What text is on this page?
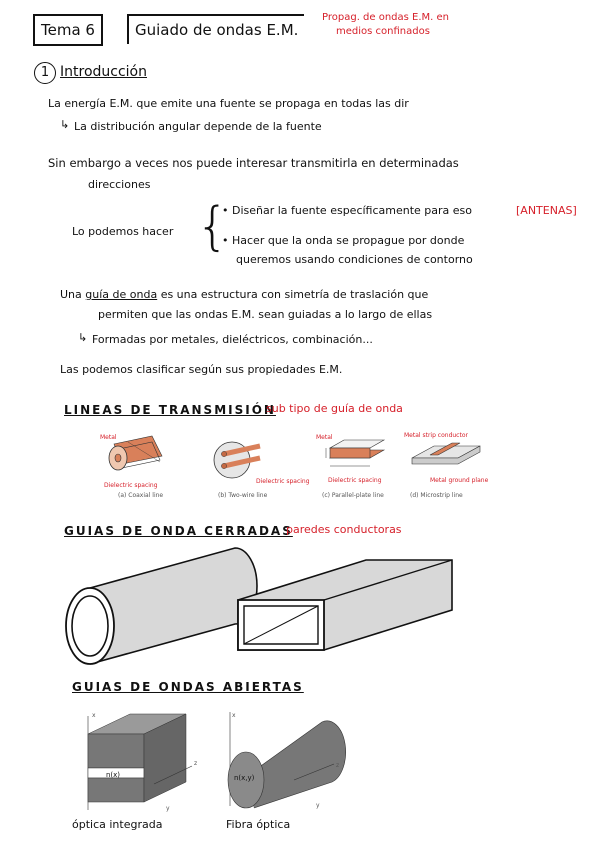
Tema 6	Guiado de ondas E.M.
Propag. de ondas E.M. en
medios confinados
1 Introducción
La energía E.M. que emite una fuente se propaga en todas las dir
↳ La distribución angular depende de la fuente
Sin embargo a veces nos puede interesar transmitirla en determinadas
direcciones
Lo podemos hacer {
• Diseñar la fuente específicamente para eso	[ANTENAS]
• Hacer que la onda se propague por donde
queremos usando condiciones de contorno
Una guía de onda es una estructura con simetría de traslación que
permiten que las ondas E.M. sean guiadas a lo largo de ellas
↳ Formadas por metales, dieléctricos, combinación...
Las podemos clasificar según sus propiedades E.M.
LINEAS DE TRANSMISIÓN
sub tipo de guía de onda
Metal
Dielectric spacing
(a) Coaxial line
Dielectric spacing
(b) Two-wire line
Metal
Dielectric spacing
(c) Parallel-plate line
Metal strip conductor
Metal ground plane
(d) Microstrip line
GUIAS DE ONDA CERRADAS
paredes conductoras
GUIAS DE ONDAS ABIERTAS
n(x)
x
z
y
n(x,y)
x
z
y
óptica integrada	Fibra óptica
